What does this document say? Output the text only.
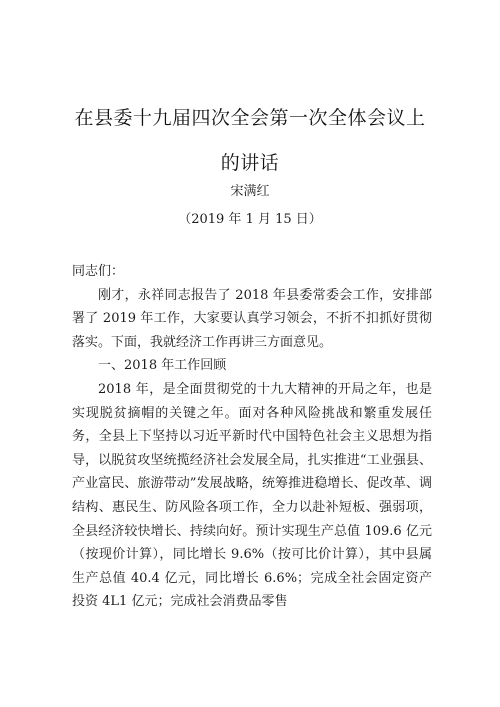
在县委十九届四次全会第一次全体会议上
的讲话
宋满红
（2019 年 1 月 15 日）

同志们：

刚才，永祥同志报告了 2018 年县委常委会工作，安排部署了 2019 年工作，大家要认真学习领会，不折不扣抓好贯彻落实。下面，我就经济工作再讲三方面意见。

一、2018 年工作回顾

2018 年，是全面贯彻党的十九大精神的开局之年，也是实现脱贫摘帽的关键之年。面对各种风险挑战和繁重发展任务，全县上下坚持以习近平新时代中国特色社会主义思想为指导，以脱贫攻坚统揽经济社会发展全局，扎实推进“工业强县、产业富民、旅游带动”发展战略，统筹推进稳增长、促改革、调结构、惠民生、防风险各项工作，全力以赴补短板、强弱项，全县经济较快增长、持续向好。预计实现生产总值 109.6 亿元（按现价计算），同比增长 9.6%（按可比价计算），其中县属生产总值 40.4 亿元，同比增长 6.6%；完成全社会固定资产投资 4L1 亿元；完成社会消费品零售
